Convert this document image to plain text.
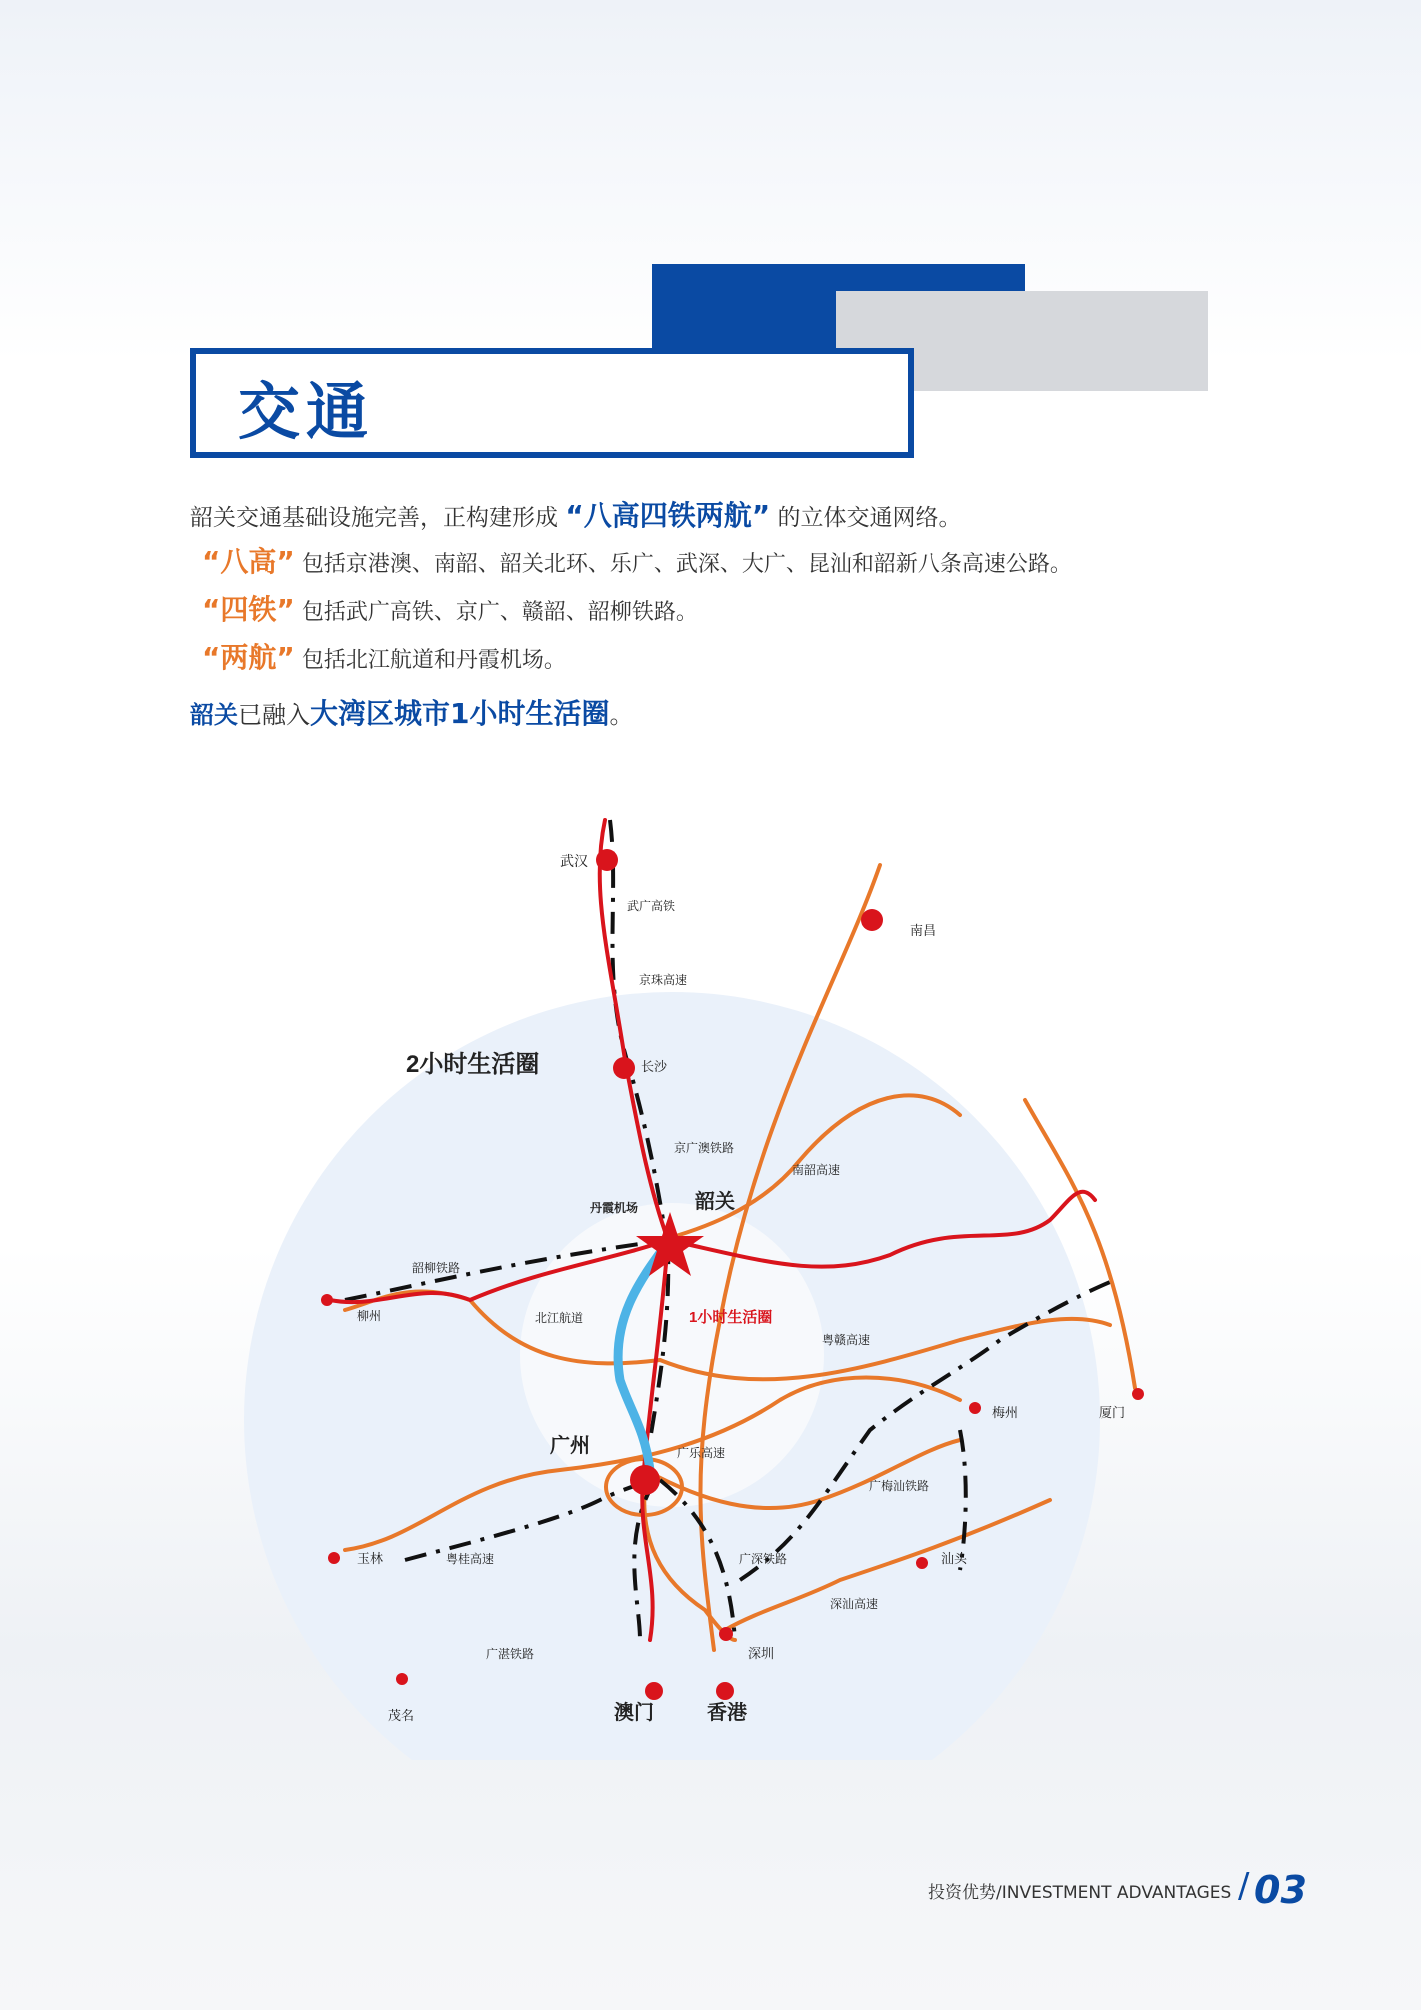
交通
韶关交通基础设施完善，正构建形成 “八高四铁两航” 的立体交通网络。
“八高” 包括京港澳、南韶、韶关北环、乐广、武深、大广、昆汕和韶新八条高速公路。
“四铁” 包括武广高铁、京广、赣韶、韶柳铁路。
“两航” 包括北江航道和丹霞机场。
韶关已融入大湾区城市1小时生活圈。
2小时生活圈
1小时生活圈
武汉
南昌
长沙
韶关
丹霞机场
柳州
广州
梅州	厦门
玉林	汕头
深圳
茂名	澳门	香港
武广高铁
京珠高速
京广澳铁路
南韶高速
韶柳铁路
北江航道
粤赣高速
广乐高速
广梅汕铁路
粤桂高速	广深铁路
深汕高速
广湛铁路
投资优势/INVESTMENT ADVANTAGES / 03
